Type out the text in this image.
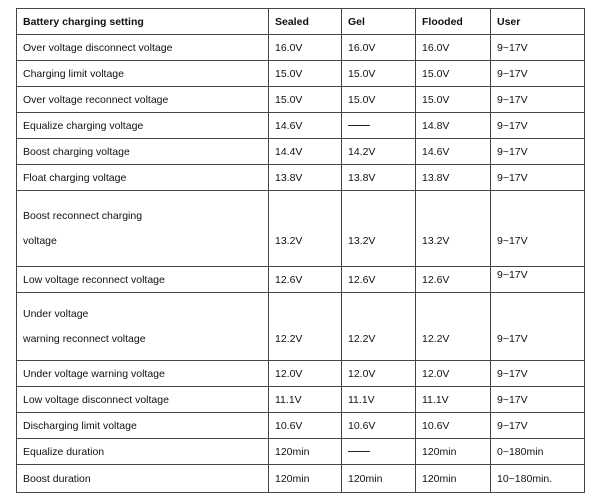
Battery charging setting	Sealed	Gel	Flooded	User
Over voltage disconnect voltage	16.0V	16.0V	16.0V	9~17V
Charging limit voltage	15.0V	15.0V	15.0V	9~17V
Over voltage reconnect voltage	15.0V	15.0V	15.0V	9~17V
Equalize charging voltage	14.6V		14.8V	9~17V
Boost charging voltage	14.4V	14.2V	14.6V	9~17V
Float charging voltage	13.8V	13.8V	13.8V	9~17V

Boost reconnect charging
voltage	13.2V	13.2V	13.2V	9~17V

Low voltage reconnect voltage	12.6V	12.6V	12.6V	9~17V

Under voltage
warning reconnect voltage	12.2V	12.2V	12.2V	9~17V

Under voltage warning voltage	12.0V	12.0V	12.0V	9~17V
Low voltage disconnect voltage	11.1V	11.1V	11.1V	9~17V
Discharging limit voltage	10.6V	10.6V	10.6V	9~17V
Equalize duration	120min		120min	0~180min
Boost duration	120min	120min	120min	10~180min.
